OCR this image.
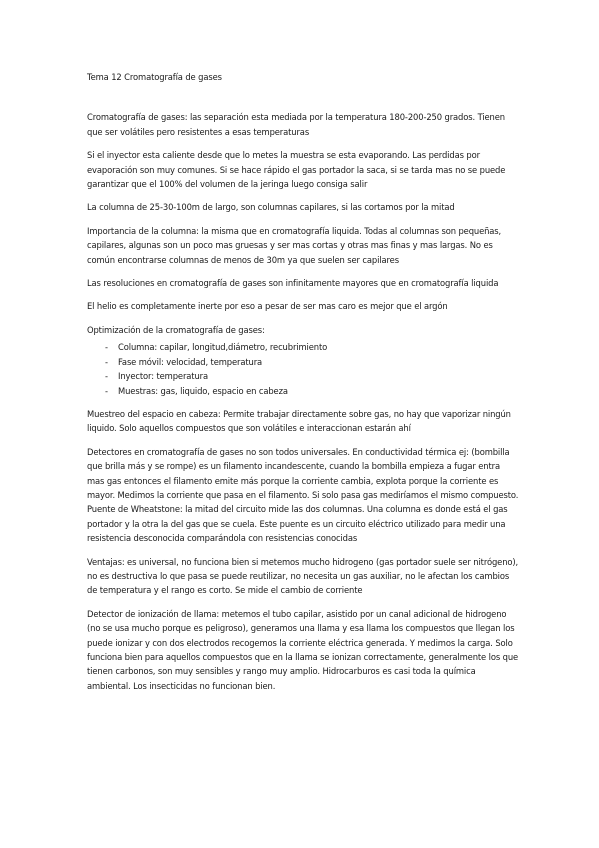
Tema 12 Cromatografía de gases

Cromatografía de gases: las separación esta mediada por la temperatura 180-200-250 grados. Tienen que ser volátiles pero resistentes a esas temperaturas

Si el inyector esta caliente desde que lo metes la muestra se esta evaporando. Las perdidas por evaporación son muy comunes. Si se hace rápido el gas portador la saca, si se tarda mas no se puede garantizar que el 100% del volumen de la jeringa luego consiga salir

La columna de 25-30-100m de largo, son columnas capilares, si las cortamos por la mitad

Importancia de la columna: la misma que en cromatografía liquida. Todas al columnas son pequeñas, capilares, algunas son un poco mas gruesas y ser mas cortas y otras mas finas y mas largas. No es común encontrarse columnas de menos de 30m ya que suelen ser capilares

Las resoluciones en cromatografía de gases son infinitamente mayores que en cromatografía liquida

El helio es completamente inerte por eso a pesar de ser mas caro es mejor que el argón

Optimización de la cromatografía de gases:

-	Columna: capilar, longitud,diámetro, recubrimiento
-	Fase móvil: velocidad, temperatura
-	Inyector: temperatura
-	Muestras: gas, liquido, espacio en cabeza

Muestreo del espacio en cabeza: Permite trabajar directamente sobre gas, no hay que vaporizar ningún liquido. Solo aquellos compuestos que son volátiles e interaccionan estarán ahí

Detectores en cromatografía de gases no son todos universales. En conductividad térmica ej: (bombilla que brilla más y se rompe) es un filamento incandescente, cuando la bombilla empieza a fugar entra mas gas entonces el filamento emite más porque la corriente cambia, explota porque la corriente es mayor. Medimos la corriente que pasa en el filamento. Si solo pasa gas mediríamos el mismo compuesto. Puente de Wheatstone: la mitad del circuito mide las dos columnas. Una columna es donde está el gas portador y la otra la del gas que se cuela. Este puente es un circuito eléctrico utilizado para medir una resistencia desconocida comparándola con resistencias conocidas

Ventajas: es universal, no funciona bien si metemos mucho hidrogeno (gas portador suele ser nitrógeno), no es destructiva lo que pasa se puede reutilizar, no necesita un gas auxiliar, no le afectan los cambios de temperatura y el rango es corto. Se mide el cambio de corriente

Detector de ionización de llama: metemos el tubo capilar, asistido por un canal adicional de hidrogeno (no se usa mucho porque es peligroso), generamos una llama y esa llama los compuestos que llegan los puede ionizar y con dos electrodos recogemos la corriente eléctrica generada. Y medimos la carga. Solo funciona bien para aquellos compuestos que en la llama se ionizan correctamente, generalmente los que tienen carbonos, son muy sensibles y rango muy amplio. Hidrocarburos es casi toda la química ambiental. Los insecticidas no funcionan bien.
